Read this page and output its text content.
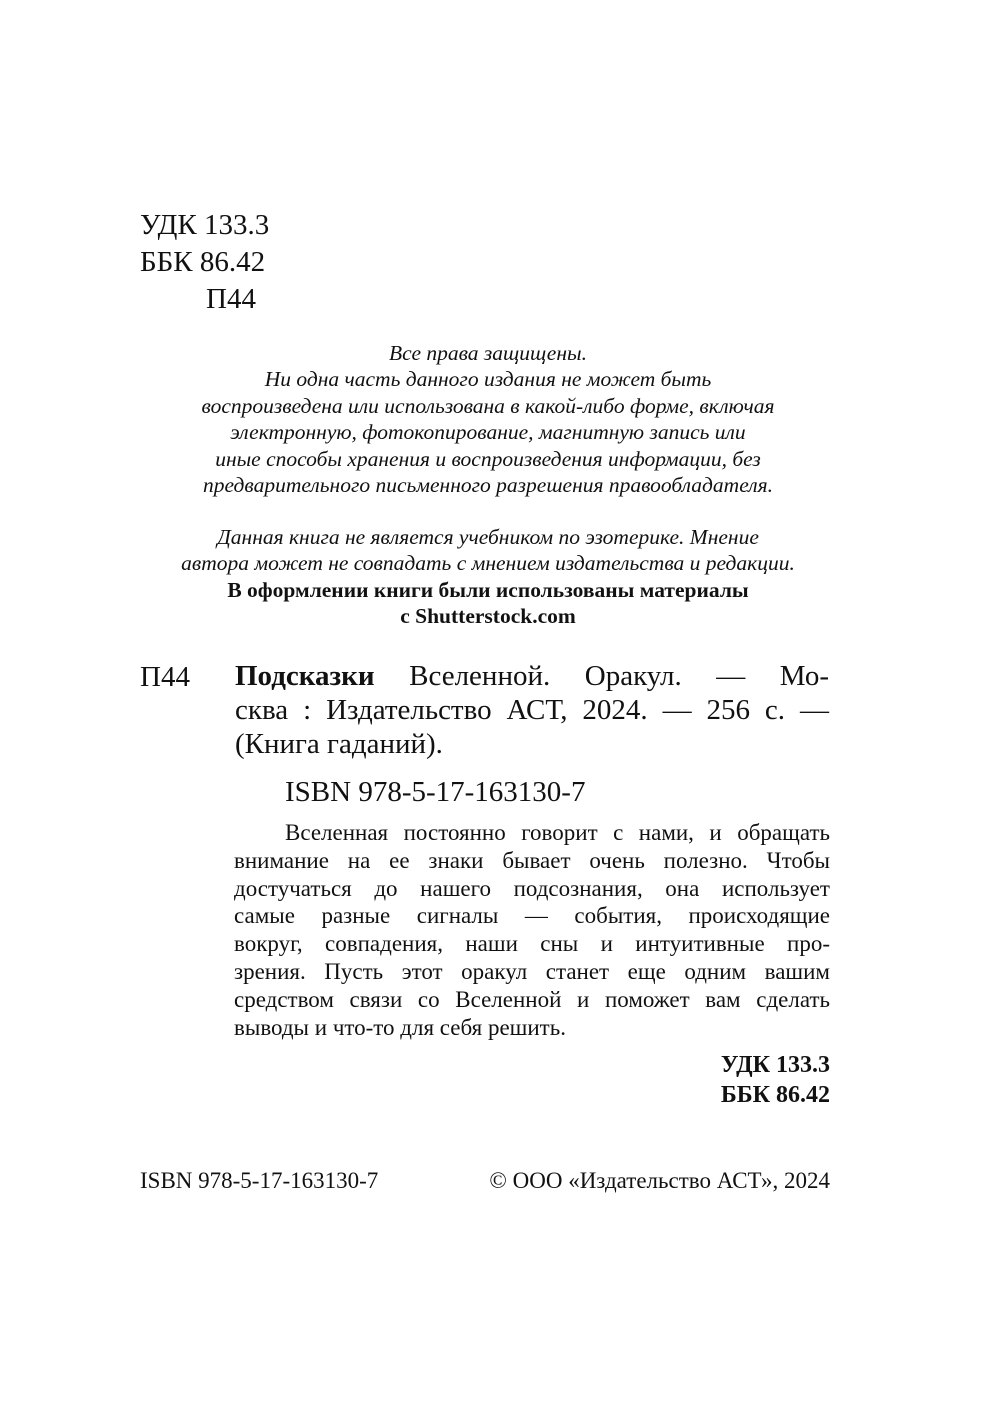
УДК 133.3
ББК 86.42
П44

Все права защищены.

Ни одна часть данного издания не может быть

воспроизведена или использована в какой-либо форме, включая

электронную, фотокопирование, магнитную запись или

иные способы хранения и воспроизведения информации, без

предварительного письменного разрешения правообладателя.

Данная книга не является учебником по эзотерике. Мнение

автора может не совпадать с мнением издательства и редакции.

В оформлении книги были использованы материалы

с Shutterstock.com

П44 Подсказки Вселенной. Оракул. — Мо-
сква : Издательство АСТ, 2024. — 256 с. —
(Книга гаданий).
ISBN 978-5-17-163130-7
Вселенная постоянно говорит с нами, и обращать
внимание на ее знаки бывает очень полезно. Чтобы
достучаться до нашего подсознания, она использует
самые разные сигналы — события, происходящие
вокруг, совпадения, наши сны и интуитивные про-
зрения. Пусть этот оракул станет еще одним вашим
средством связи со Вселенной и поможет вам сделать
выводы и что-то для себя решить.
УДК 133.3
ББК 86.42
ISBN 978-5-17-163130-7	© ООО «Издательство АСТ», 2024
